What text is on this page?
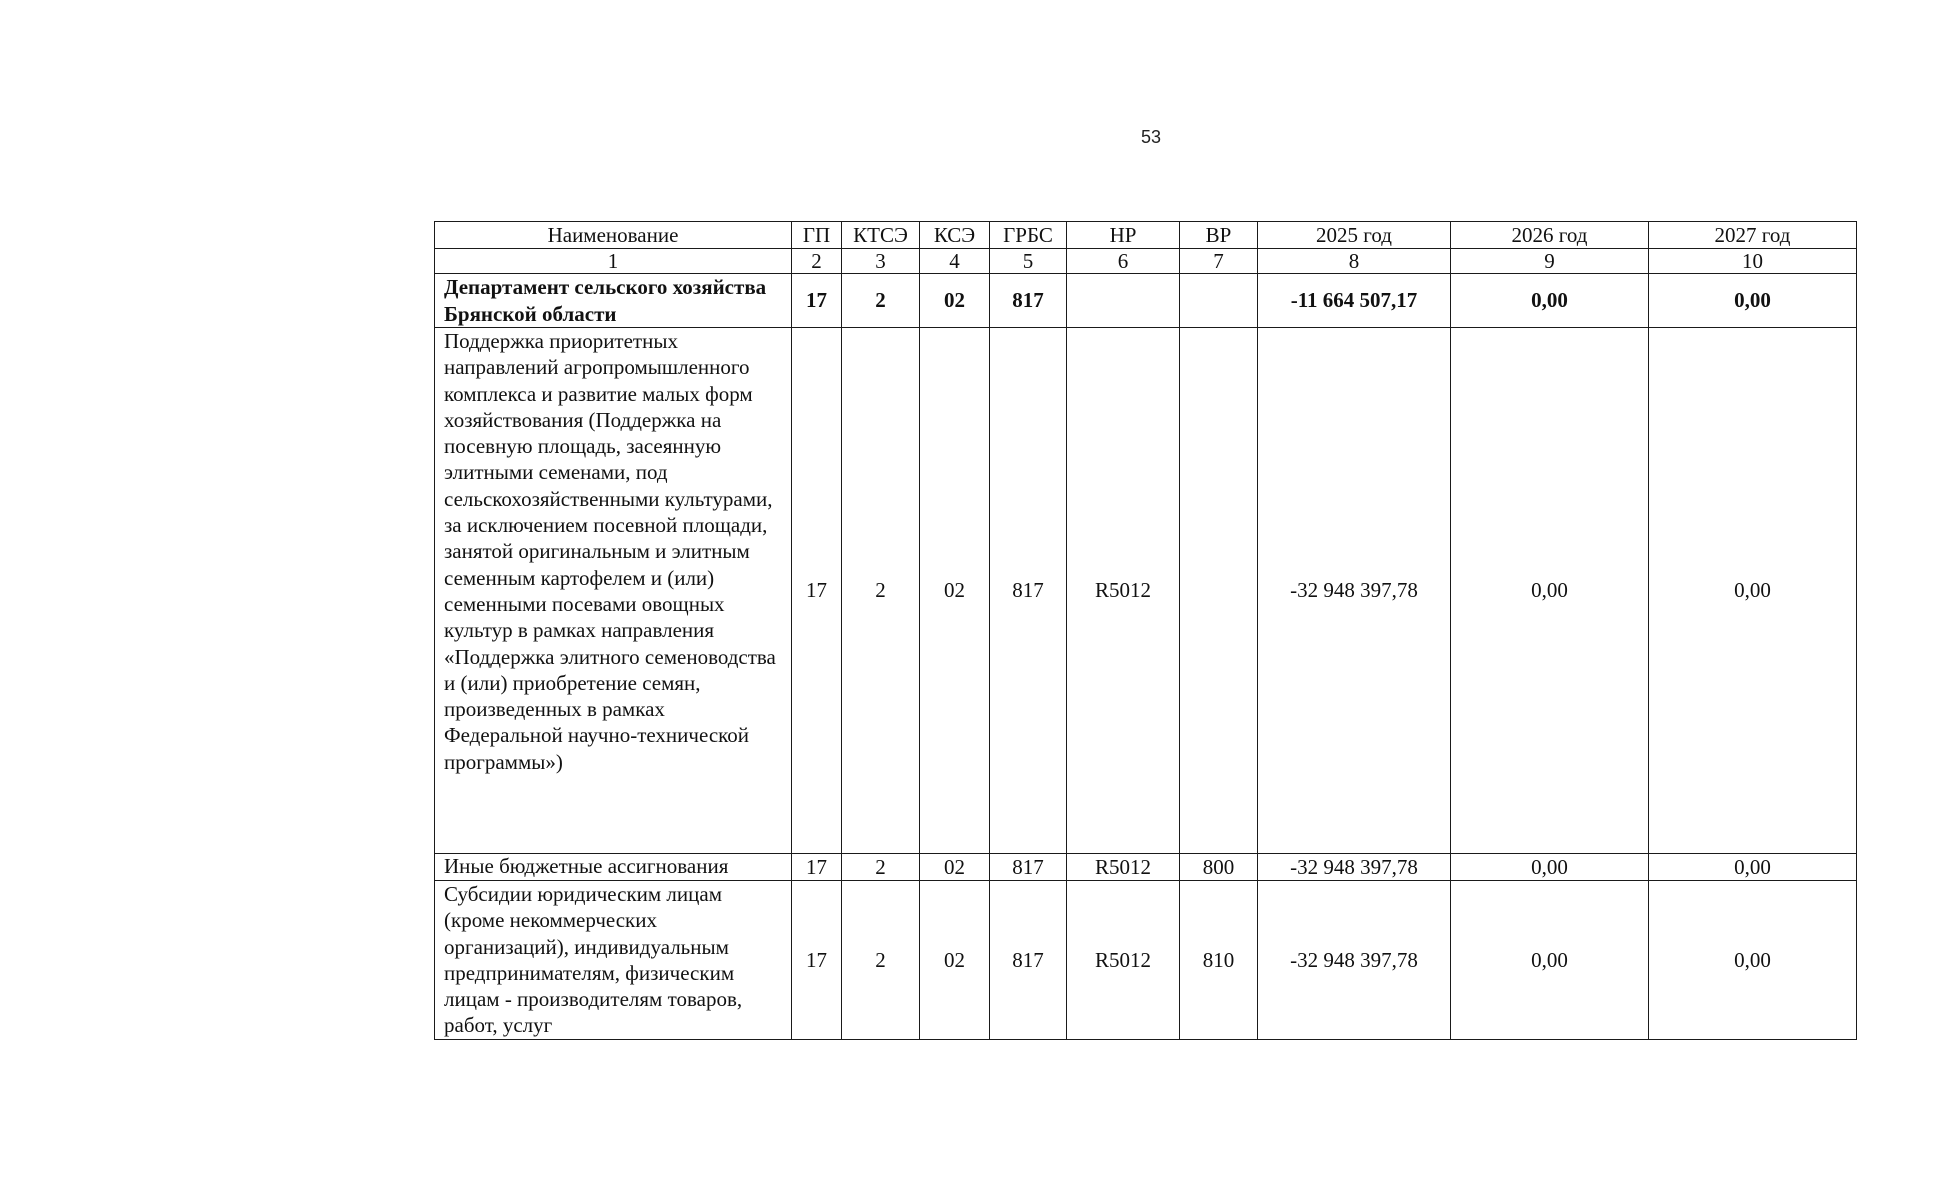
53
Наименование	ГП	КТСЭ	КСЭ	ГРБС	НР	ВР	2025 год	2026 год	2027 год
1	2	3	4	5	6	7	8	9	10
Департамент сельского хозяйства Брянской области	17	2	02	817			-11 664 507,17	0,00	0,00
Поддержка приоритетных направлений агропромышленного комплекса и развитие малых форм хозяйствования (Поддержка на посевную площадь, засеянную элитными семенами, под сельскохозяйственными культурами, за исключением посевной площади, занятой оригинальным и элитным семенным картофелем и (или) семенными посевами овощных культур в рамках направления «Поддержка элитного семеноводства и (или) приобретение семян, произведенных в рамках Федеральной научно-технической программы»)	17	2	02	817	R5012		-32 948 397,78	0,00	0,00
Иные бюджетные ассигнования	17	2	02	817	R5012	800	-32 948 397,78	0,00	0,00
Субсидии юридическим лицам (кроме некоммерческих организаций), индивидуальным предпринимателям, физическим лицам - производителям товаров, работ, услуг	17	2	02	817	R5012	810	-32 948 397,78	0,00	0,00
